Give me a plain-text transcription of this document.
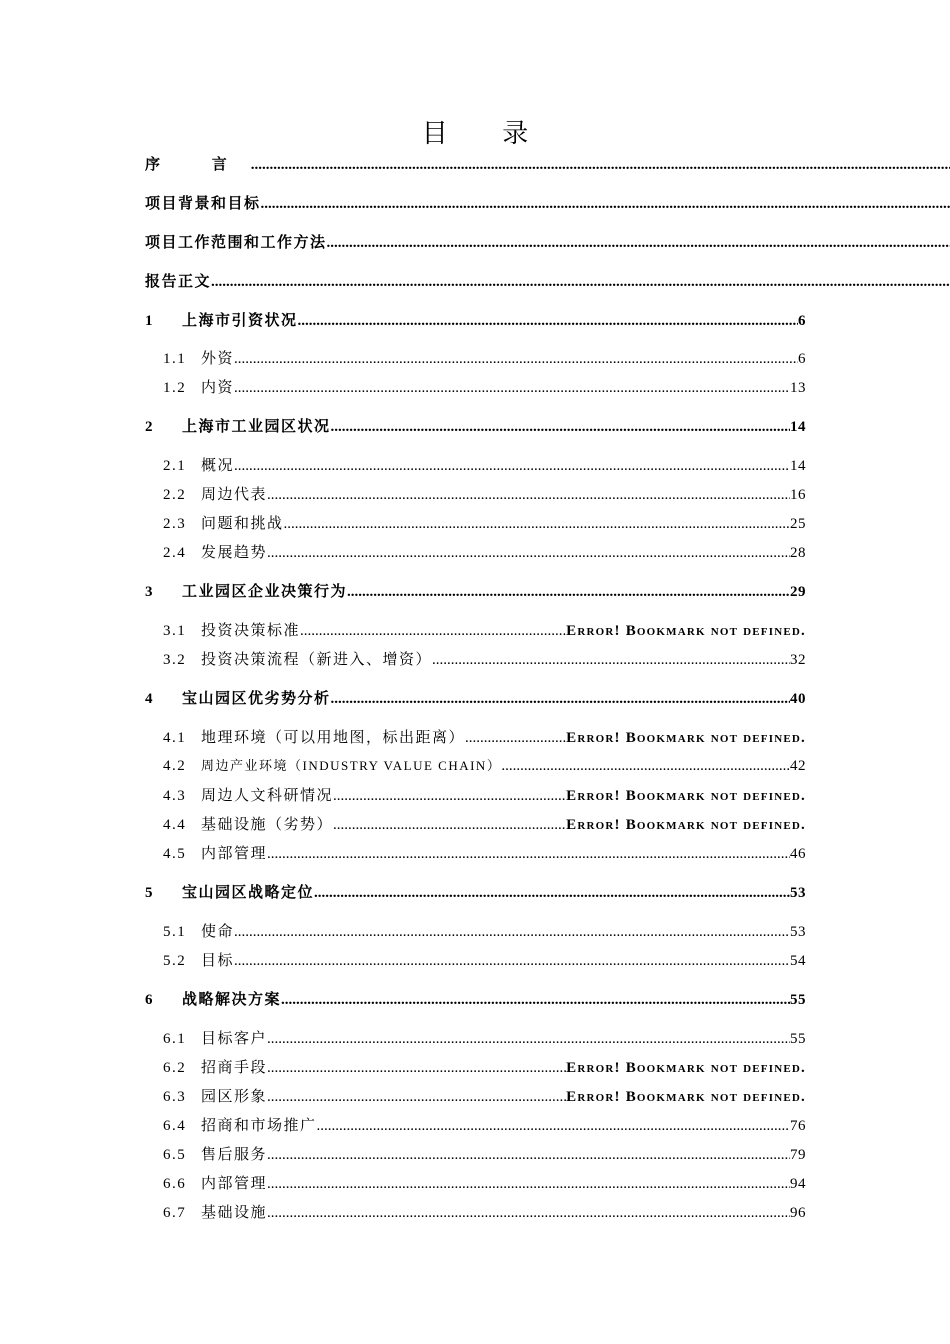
目 录
序 言
.....
项目背景和目标
.....
项目工作范围和工作方法
.....
报告正文
.....
1	上海市引资状况 .....	6
1.1 外资 .....	6
1.2 内资 .....	13
2	上海市工业园区状况 .....	14
2.1 概况 .....	14
2.2 周边代表 .....	16
2.3 问题和挑战 .....	25
2.4 发展趋势 .....	28
3	工业园区企业决策行为 .....	29
3.1 投资决策标准 .....	Error! Bookmark not defined.
3.2 投资决策流程（新进入、增资） .....	32
4	宝山园区优劣势分析 .....	40
4.1 地理环境（可以用地图，标出距离） .....	Error! Bookmark not defined.
4.2	周边产业环境（INDUSTRY VALUE CHAIN） .....	42
4.3 周边人文科研情况 .....	Error! Bookmark not defined.
4.4 基础设施（劣势） .....	Error! Bookmark not defined.
4.5 内部管理 .....	46
5	宝山园区战略定位 .....	53
5.1 使命 .....	53
5.2 目标 .....	54
6	战略解决方案 .....	55
6.1 目标客户 .....	55
6.2 招商手段 .....	Error! Bookmark not defined.
6.3 园区形象 .....	Error! Bookmark not defined.
6.4 招商和市场推广 .....	76
6.5 售后服务 .....	79
6.6 内部管理 .....	94
6.7 基础设施 .....	96
